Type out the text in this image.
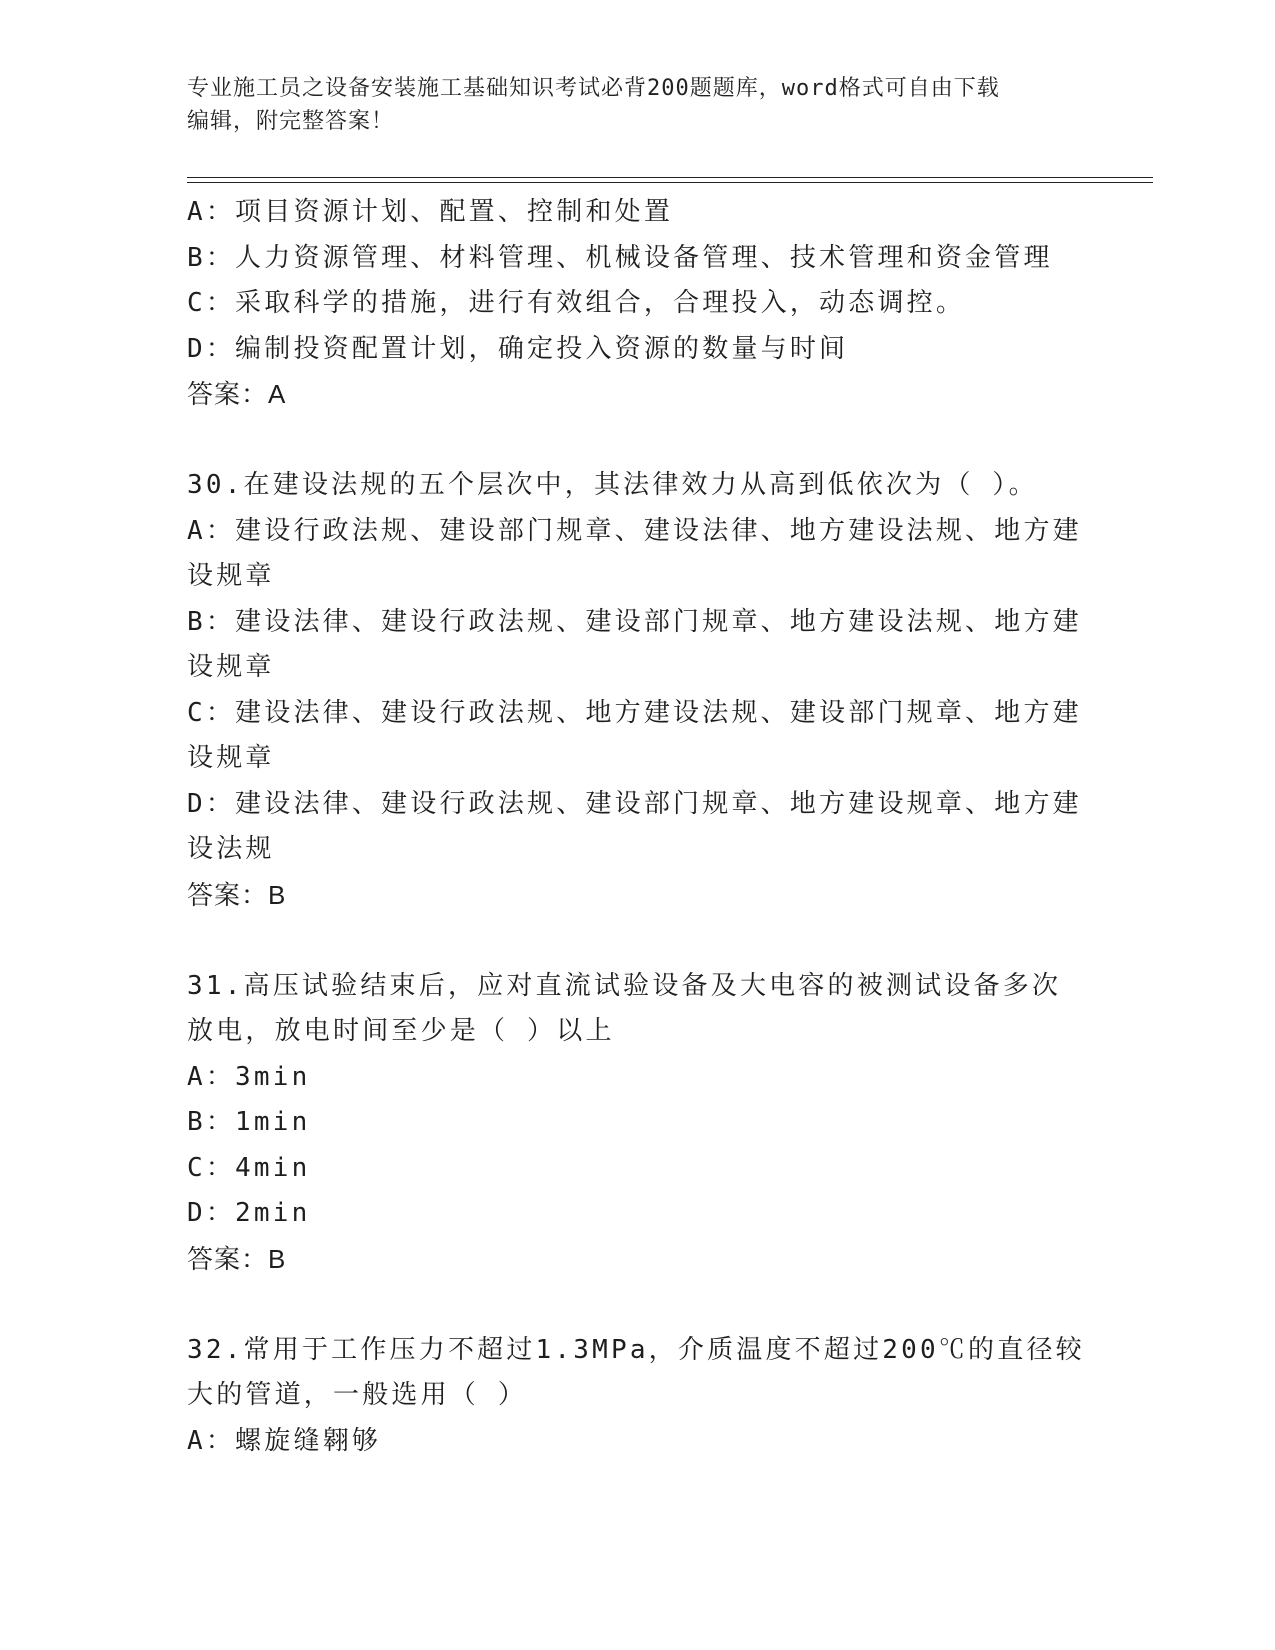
专业施工员之设备安装施工基础知识考试必背200题题库，word格式可自由下载
编辑，附完整答案！
A：项目资源计划、配置、控制和处置
B：人力资源管理、材料管理、机械设备管理、技术管理和资金管理
C：采取科学的措施，进行有效组合，合理投入，动态调控。
D：编制投资配置计划，确定投入资源的数量与时间
答案：A
30.在建设法规的五个层次中，其法律效力从高到低依次为（ ）。
A：建设行政法规、建设部门规章、建设法律、地方建设法规、地方建设规章
B：建设法律、建设行政法规、建设部门规章、地方建设法规、地方建设规章
C：建设法律、建设行政法规、地方建设法规、建设部门规章、地方建设规章
D：建设法律、建设行政法规、建设部门规章、地方建设规章、地方建设法规
答案：B
31.高压试验结束后，应对直流试验设备及大电容的被测试设备多次放电，放电时间至少是（ ）以上
A：3min
B：1min
C：4min
D：2min
答案：B
32.常用于工作压力不超过1.3MPa，介质温度不超过200℃的直径较大的管道，一般选用（ ）
A：螺旋缝翱够
